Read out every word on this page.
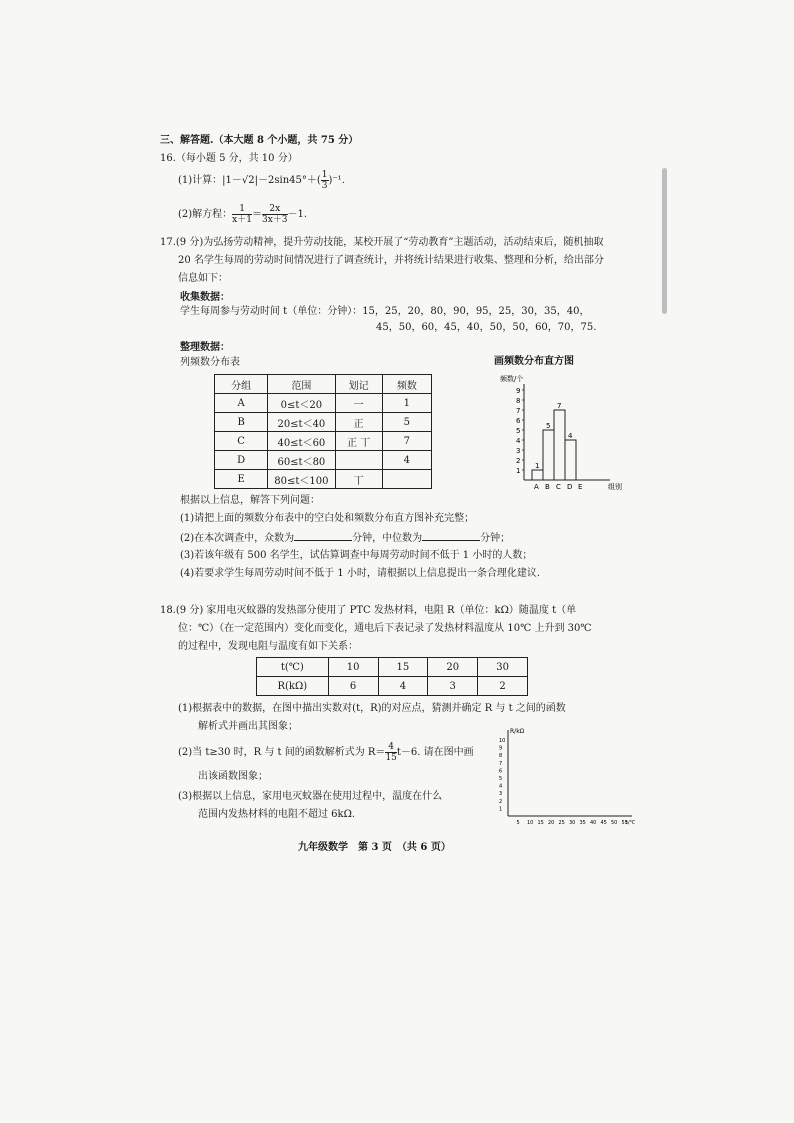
三、解答题.（本大题 8 个小题，共 75 分）
16.（每小题 5 分，共 10 分）
(1)计算：$|1-√2|-2\sin 45^\circ+( \frac{1}{3} )^{-1}$.
(2)解方程： $\frac{1}{x+1} = \frac{2x}{3x+3} -1$.
17.(9 分)为弘扬劳动精神，提升劳动技能，某校开展了“劳动教育”主题活动，活动结束后，随机抽取
20 名学生每周的劳动时间情况进行了调查统计，并将统计结果进行收集、整理和分析，给出部分
信息如下：
收集数据：
学生每周参与劳动时间 t（单位：分钟）：15，25，20，80，90，95，25，30，35，40，
45，50，60，45，40，50，50，60，70，75.
整理数据：
列频数分布表
分组	范围	划记	频数
A	0≤t＜20	一	1
B	20≤t＜40	正	5
C	40≤t＜60	正 丅	7
D	60≤t＜80		4
E	80≤t＜100	丅	
画频数分布直方图
频数/个
1
2
3
4
5
6
7
8
9
A
1
B
5
C
7
D
4
E	组别
根据以上信息，解答下列问题：
(1)请把上面的频数分布表中的空白处和频数分布直方图补充完整；
(2)在本次调查中，众数为	分钟，中位数为	分钟；
(3)若该年级有 500 名学生，试估算调查中每周劳动时间不低于 1 小时的人数；
(4)若要求学生每周劳动时间不低于 1 小时，请根据以上信息提出一条合理化建议.
18.(9 分) 家用电灭蚊器的发热部分使用了 PTC 发热材料，电阻 R（单位：kΩ）随温度 t（单
位：℃）（在一定范围内）变化而变化，通电后下表记录了发热材料温度从 10℃ 上升到 30℃
的过程中，发现电阻与温度有如下关系：
t(℃)	10	15	20	30
R(kΩ)	6	4	3	2
(1)根据表中的数据，在图中描出实数对(t，R)的对应点，猜测并确定 R 与 t 之间的函数
解析式并画出其图象；
(2)当 t≥30 时，R 与 t 间的函数解析式为 $R= \frac{4}{15} t-6$. 请在图中画
出该函数图象；
(3)根据以上信息，家用电灭蚊器在使用过程中，温度在什么
范围内发热材料的电阻不超过 6kΩ.
R/kΩ
1
2
3
4
5
6
7
8
9
10
5 10 15 20 25 30 35 40 45 50 55
t/℃
九年级数学　第 3 页　（共 6 页）
